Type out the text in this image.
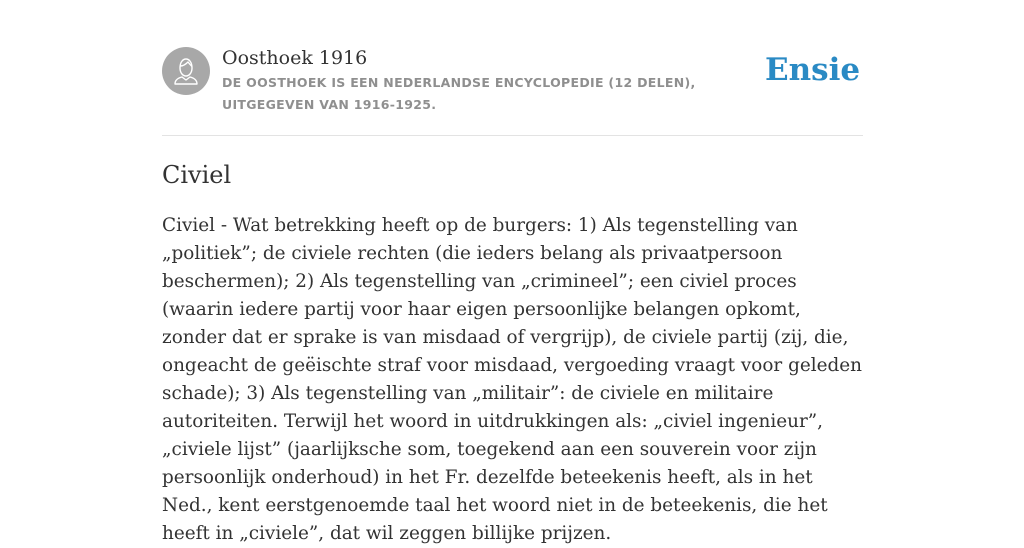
Oosthoek 1916
DE OOSTHOEK IS EEN NEDERLANDSE ENCYCLOPEDIE (12 DELEN), UITGEGEVEN VAN 1916-1925.
Ensie
Civiel

Civiel - Wat betrekking heeft op de burgers: 1) Als tegenstelling van „politiek”; de civiele rechten (die ieders belang als privaatpersoon beschermen); 2) Als tegenstelling van „crimineel”; een civiel proces (waarin iedere partij voor haar eigen persoonlijke belangen opkomt, zonder dat er sprake is van misdaad of vergrijp), de civiele partij (zij, die, ongeacht de geëischte straf voor misdaad, vergoeding vraagt voor geleden schade); 3) Als tegenstelling van „militair”: de civiele en militaire autoriteiten. Terwijl het woord in uitdrukkingen als: „civiel ingenieur”, „civiele lijst” (jaarlijksche som, toegekend aan een souverein voor zijn persoonlijk onderhoud) in het Fr. dezelfde beteekenis heeft, als in het Ned., kent eerstgenoemde taal het woord niet in de beteekenis, die het heeft in „civiele”, dat wil zeggen billijke prijzen.
